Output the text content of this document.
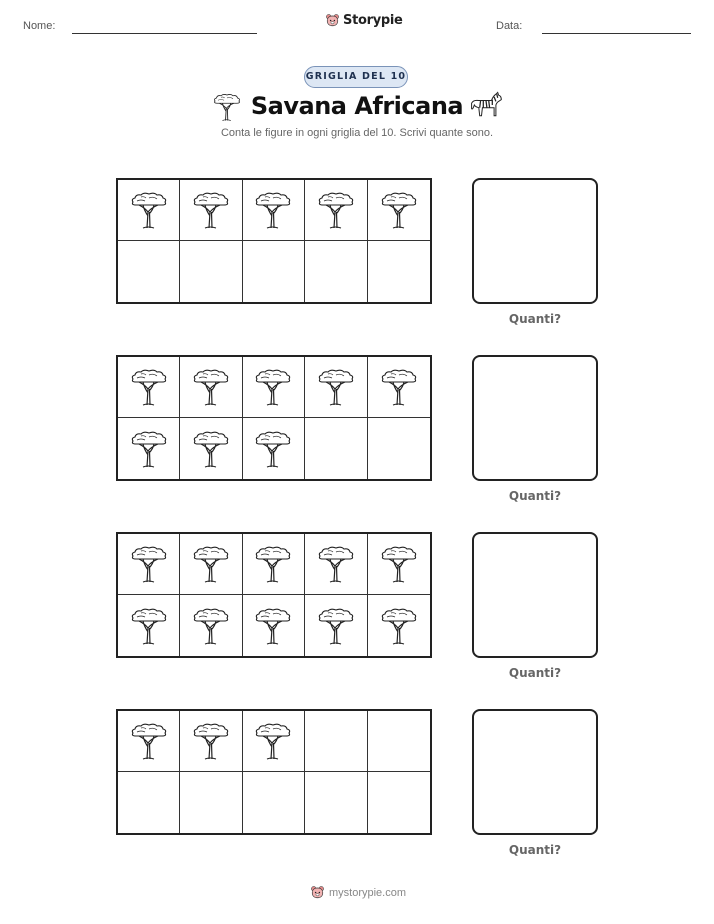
Nome:	Storypie	Data:
GRIGLIA DEL 10
Savana Africana
Conta le figure in ogni griglia del 10. Scrivi quante sono.
Quanti?
Quanti?
Quanti?
Quanti?
mystorypie.com
